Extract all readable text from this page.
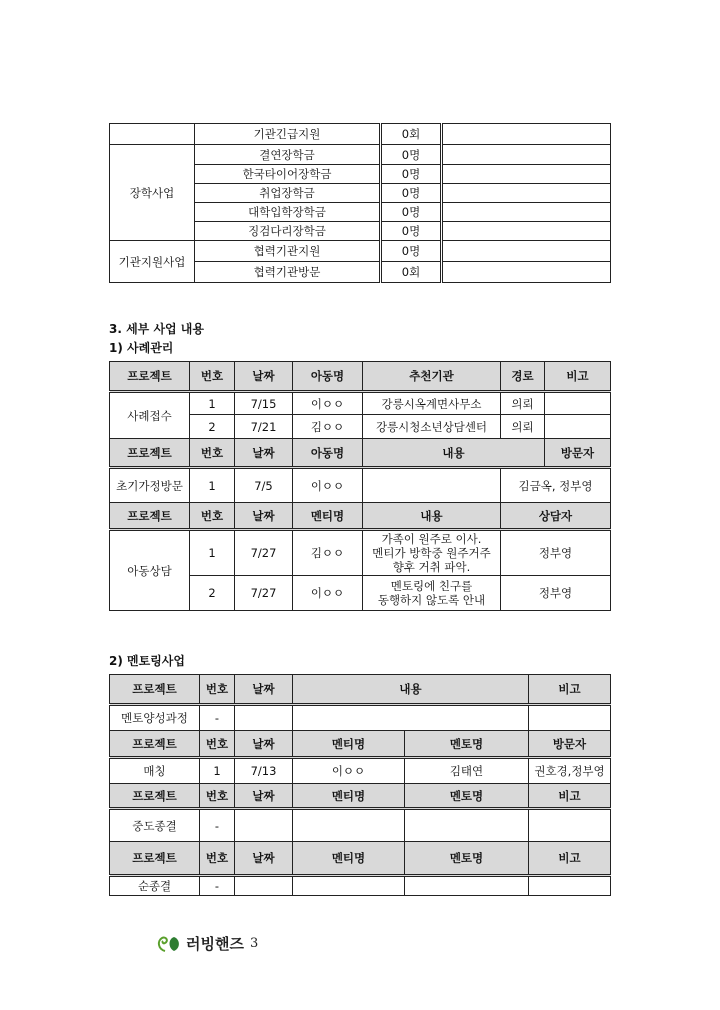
	기관긴급지원	0회	
장학사업	결연장학금	0명	
	한국타이어장학금	0명	
	취업장학금	0명	
	대학입학장학금	0명	
	징검다리장학금	0명	
기관지원사업	협력기관지원	0명	
	협력기관방문	0회	
3. 세부 사업 내용
1) 사례관리
프로젝트	번호	날짜	아동명	추천기관	경로	비고
사례접수	1	7/15	이ㅇㅇ	강릉시옥계면사무소	의뢰	
	2	7/21	김ㅇㅇ	강릉시청소년상담센터	의뢰	
프로젝트	번호	날짜	아동명	내용		방문자
초기가정방문	1	7/5	이ㅇㅇ		김금옥, 정부영	
프로젝트	번호	날짜	멘티명	내용	상담자	
아동상담	1	7/27	김ㅇㅇ	가족이 원주로 이사.
멘티가 방학중 원주거주
향후 거취 파악.	정부영	
	2	7/27	이ㅇㅇ	멘토링에 친구를
동행하지 않도록 안내	정부영	
2) 멘토링사업
프로젝트	번호	날짜	내용		비고
멘토양성과정	-				
프로젝트	번호	날짜	멘티명	멘토명	방문자
매칭	1	7/13	이ㅇㅇ	김태연	권호경,정부영
프로젝트	번호	날짜	멘티명	멘토명	비고
중도종결	-				
프로젝트	번호	날짜	멘티명	멘토명	비고
순종결	-				
러빙핸즈 3
